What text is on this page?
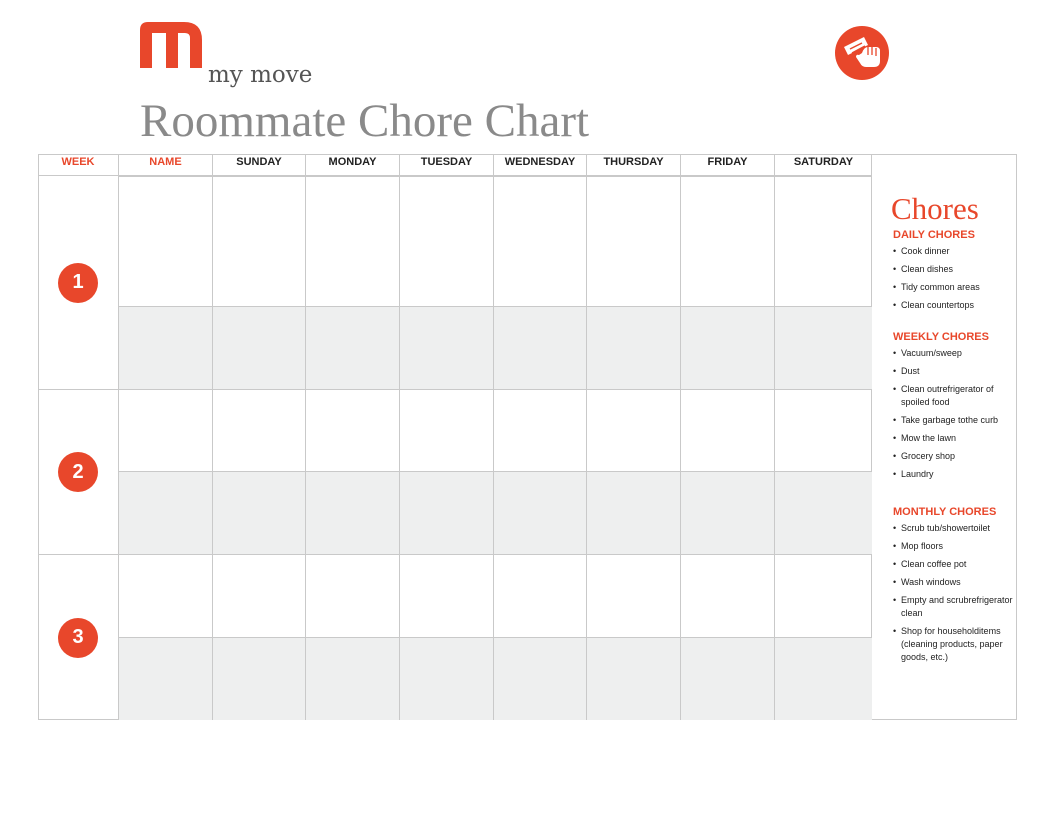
my move
Roommate Chore Chart
WEEK	NAME	SUNDAY	MONDAY	TUESDAY	WEDNESDAY	THURSDAY	FRIDAY	SATURDAY
1
2
3
Chores
DAILY CHORES
• Cook dinner
• Clean dishes
• Tidy common areas
• Clean countertops
WEEKLY CHORES
• Vacuum/sweep
• Dust
• Clean outrefrigerator of spoiled food
• Take garbage tothe curb
• Mow the lawn
• Grocery shop
• Laundry
MONTHLY CHORES
• Scrub tub/showertoilet
• Mop floors
• Clean coffee pot
• Wash windows
• Empty and scrubrefrigerator clean
• Shop for householditems (cleaning products, paper goods, etc.)
